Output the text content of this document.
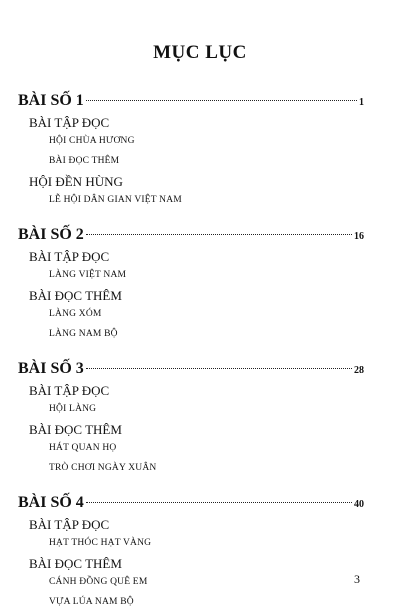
MỤC LỤC
BÀI SỐ 1	1
BÀI TẬP ĐỌC
HỘI CHÙA HƯƠNG
BÀI ĐỌC THÊM
HỘI ĐỀN HÙNG
LỄ HỘI DÂN GIAN VIỆT NAM
BÀI SỐ 2	16
BÀI TẬP ĐỌC
LÀNG VIỆT NAM
BÀI ĐỌC THÊM
LÀNG XÓM
LÀNG NAM BỘ
BÀI SỐ 3	28
BÀI TẬP ĐỌC
HỘI LÀNG
BÀI ĐỌC THÊM
HÁT QUAN HỌ
TRÒ CHƠI NGÀY XUÂN
BÀI SỐ 4	40
BÀI TẬP ĐỌC
HẠT THÓC HẠT VÀNG
BÀI ĐỌC THÊM
CÁNH ĐỒNG QUÊ EM
VỰA LÚA NAM BỘ
3
